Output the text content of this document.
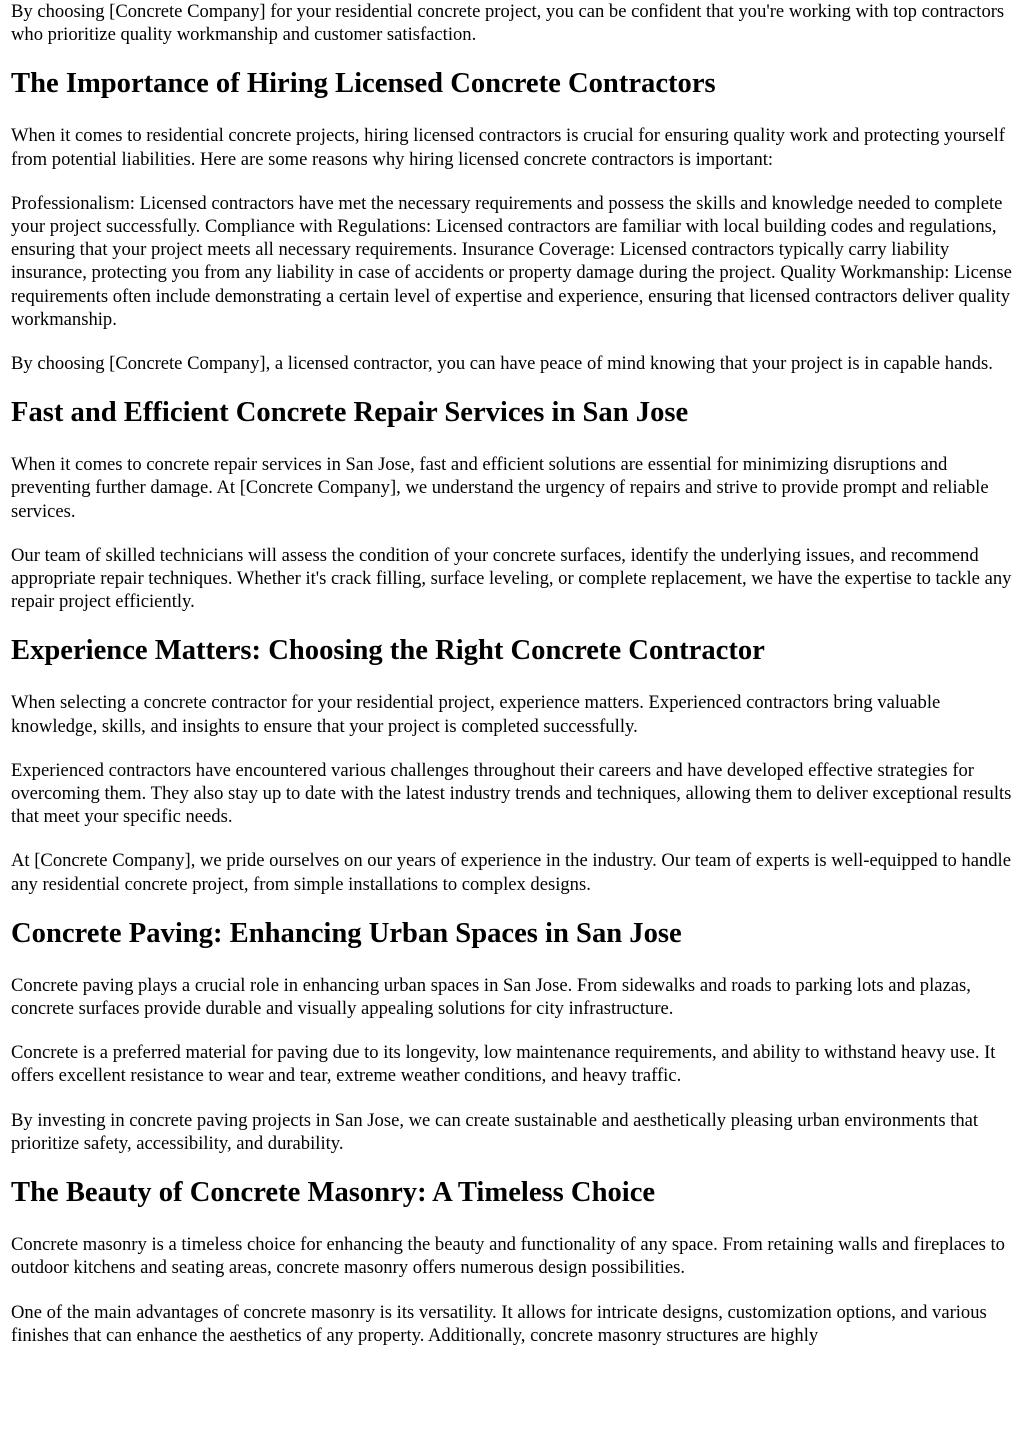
By choosing [Concrete Company] for your residential concrete project, you can be confident that you're working with top contractors who prioritize quality workmanship and customer satisfaction.

The Importance of Hiring Licensed Concrete Contractors

When it comes to residential concrete projects, hiring licensed contractors is crucial for ensuring quality work and protecting yourself from potential liabilities. Here are some reasons why hiring licensed concrete contractors is important:

Professionalism: Licensed contractors have met the necessary requirements and possess the skills and knowledge needed to complete your project successfully. Compliance with Regulations: Licensed contractors are familiar with local building codes and regulations, ensuring that your project meets all necessary requirements. Insurance Coverage: Licensed contractors typically carry liability insurance, protecting you from any liability in case of accidents or property damage during the project. Quality Workmanship: License requirements often include demonstrating a certain level of expertise and experience, ensuring that licensed contractors deliver quality workmanship.

By choosing [Concrete Company], a licensed contractor, you can have peace of mind knowing that your project is in capable hands.

Fast and Efficient Concrete Repair Services in San Jose

When it comes to concrete repair services in San Jose, fast and efficient solutions are essential for minimizing disruptions and preventing further damage. At [Concrete Company], we understand the urgency of repairs and strive to provide prompt and reliable services.

Our team of skilled technicians will assess the condition of your concrete surfaces, identify the underlying issues, and recommend appropriate repair techniques. Whether it's crack filling, surface leveling, or complete replacement, we have the expertise to tackle any repair project efficiently.

Experience Matters: Choosing the Right Concrete Contractor

When selecting a concrete contractor for your residential project, experience matters. Experienced contractors bring valuable knowledge, skills, and insights to ensure that your project is completed successfully.

Experienced contractors have encountered various challenges throughout their careers and have developed effective strategies for overcoming them. They also stay up to date with the latest industry trends and techniques, allowing them to deliver exceptional results that meet your specific needs.

At [Concrete Company], we pride ourselves on our years of experience in the industry. Our team of experts is well-equipped to handle any residential concrete project, from simple installations to complex designs.

Concrete Paving: Enhancing Urban Spaces in San Jose

Concrete paving plays a crucial role in enhancing urban spaces in San Jose. From sidewalks and roads to parking lots and plazas, concrete surfaces provide durable and visually appealing solutions for city infrastructure.

Concrete is a preferred material for paving due to its longevity, low maintenance requirements, and ability to withstand heavy use. It offers excellent resistance to wear and tear, extreme weather conditions, and heavy traffic.

By investing in concrete paving projects in San Jose, we can create sustainable and aesthetically pleasing urban environments that prioritize safety, accessibility, and durability.

The Beauty of Concrete Masonry: A Timeless Choice

Concrete masonry is a timeless choice for enhancing the beauty and functionality of any space. From retaining walls and fireplaces to outdoor kitchens and seating areas, concrete masonry offers numerous design possibilities.

One of the main advantages of concrete masonry is its versatility. It allows for intricate designs, customization options, and various finishes that can enhance the aesthetics of any property. Additionally, concrete masonry structures are highly
